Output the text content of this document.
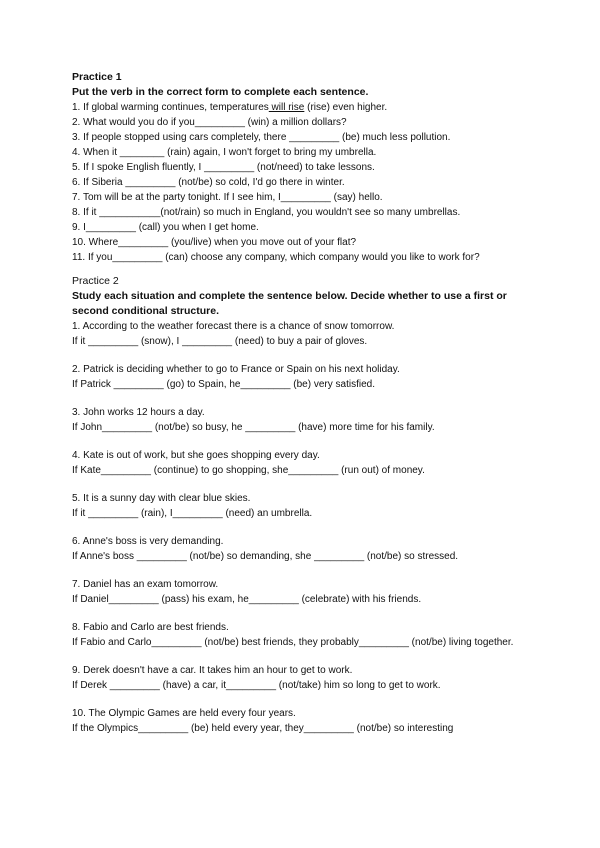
Practice 1
Put the verb in the correct form to complete each sentence.
1. If global warming continues, temperatures will rise (rise) even higher.
2. What would you do if you_________ (win) a million dollars?
3. If people stopped using cars completely, there _________ (be) much less pollution.
4. When it ________ (rain) again, I won't forget to bring my umbrella.
5. If I spoke English fluently, I _________ (not/need) to take lessons.
6. If Siberia _________ (not/be) so cold, I'd go there in winter.
7. Tom will be at the party tonight. If I see him, I_________ (say) hello.
8. If it ___________(not/rain) so much in England, you wouldn't see so many umbrellas.
9. I_________ (call) you when I get home.
10. Where_________ (you/live) when you move out of your flat?
11. If you_________ (can) choose any company, which company would you like to work for?
Practice 2
Study each situation and complete the sentence below. Decide whether to use a first or second conditional structure.
1. According to the weather forecast there is a chance of snow tomorrow.
If it _________ (snow), I _________ (need) to buy a pair of gloves.
2. Patrick is deciding whether to go to France or Spain on his next holiday.
If Patrick _________ (go) to Spain, he_________ (be) very satisfied.
3. John works 12 hours a day.
If John_________ (not/be) so busy, he _________ (have) more time for his family.
4. Kate is out of work, but she goes shopping every day.
If Kate_________ (continue) to go shopping, she_________ (run out) of money.
5. It is a sunny day with clear blue skies.
If it _________ (rain), I_________ (need) an umbrella.
6. Anne's boss is very demanding.
If Anne's boss _________ (not/be) so demanding, she _________ (not/be) so stressed.
7. Daniel has an exam tomorrow.
If Daniel_________ (pass) his exam, he_________ (celebrate) with his friends.
8. Fabio and Carlo are best friends.
If Fabio and Carlo_________ (not/be) best friends, they probably_________ (not/be) living together.
9. Derek doesn't have a car. It takes him an hour to get to work.
If Derek _________ (have) a car, it_________ (not/take) him so long to get to work.
10. The Olympic Games are held every four years.
If the Olympics_________ (be) held every year, they_________ (not/be) so interesting
